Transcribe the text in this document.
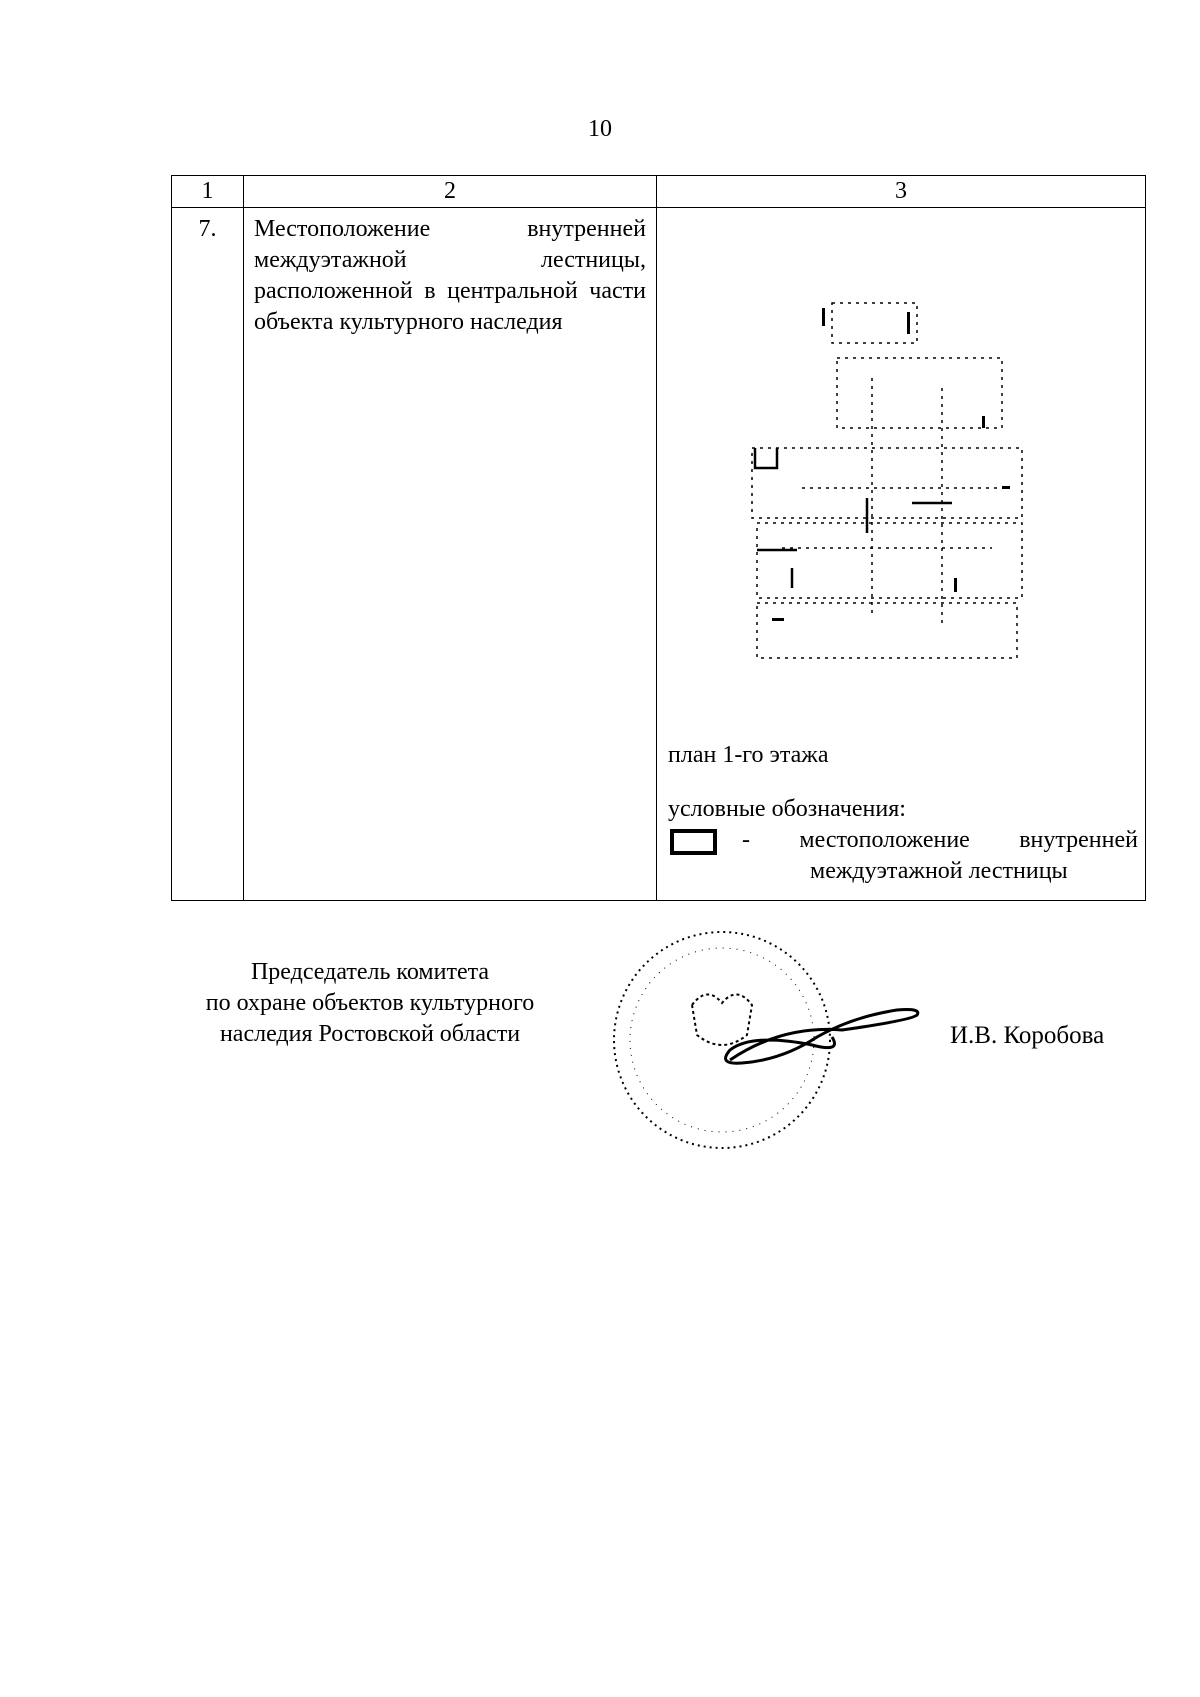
10
1	2	3
7.	Местоположение внутренней междуэтажной лестницы, расположенной в центральной части объекта культурного наследия	план 1-го этажа
условные обозначения:
- местоположение внутренней
междуэтажной лестницы
Председатель комитета
по охране объектов культурного
наследия Ростовской области	И.В. Коробова
